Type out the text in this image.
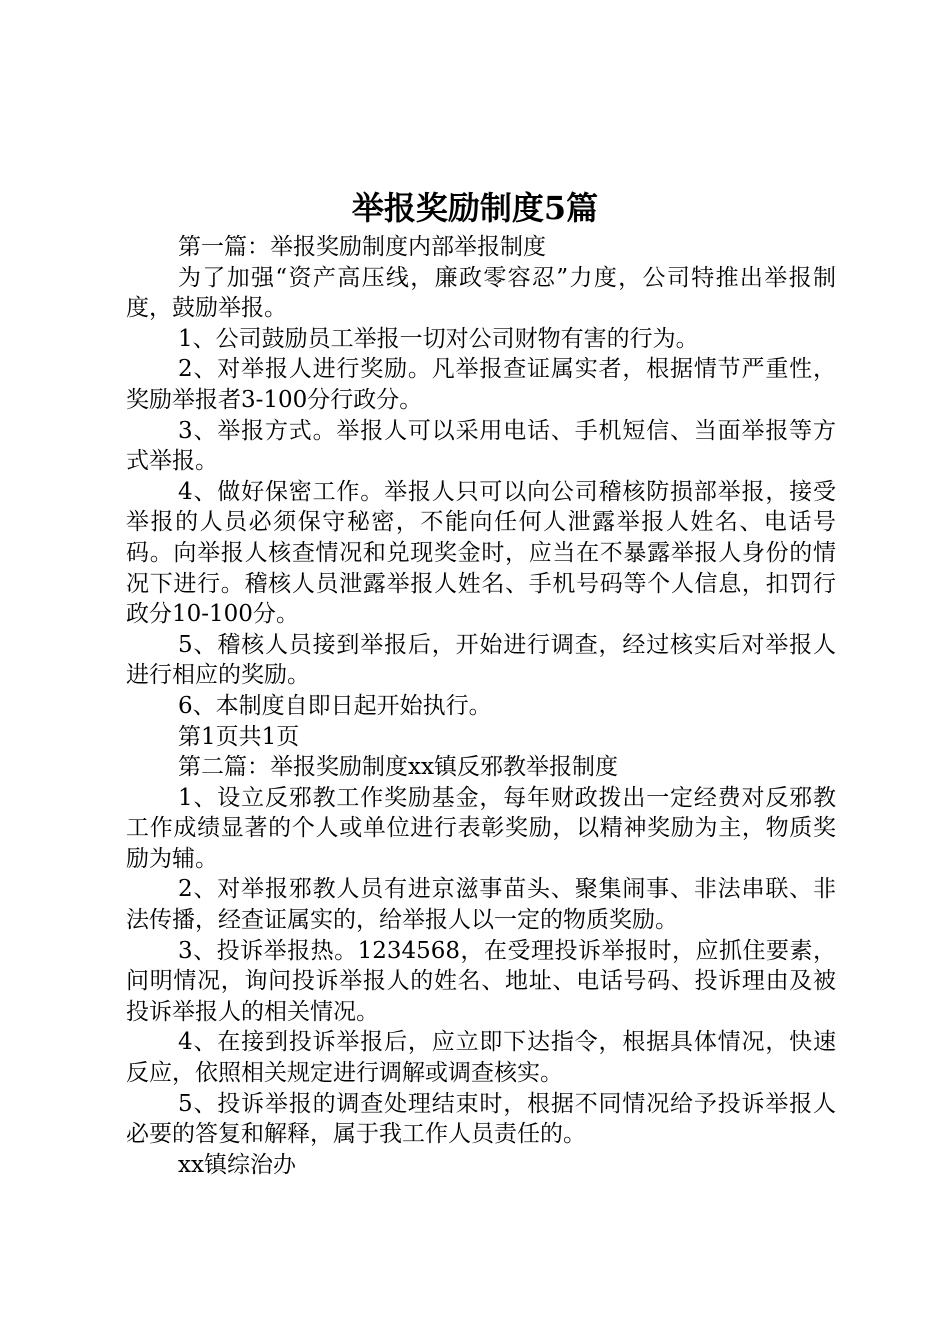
举报奖励制度5篇

第一篇：举报奖励制度内部举报制度

为了加强“资产高压线，廉政零容忍”力度，公司特推出举报制度，鼓励举报。

1、公司鼓励员工举报一切对公司财物有害的行为。

2、对举报人进行奖励。凡举报查证属实者，根据情节严重性，奖励举报者3-100分行政分。

3、举报方式。举报人可以采用电话、手机短信、当面举报等方式举报。

4、做好保密工作。举报人只可以向公司稽核防损部举报，接受举报的人员必须保守秘密，不能向任何人泄露举报人姓名、电话号码。向举报人核查情况和兑现奖金时，应当在不暴露举报人身份的情况下进行。稽核人员泄露举报人姓名、手机号码等个人信息，扣罚行政分10-100分。

5、稽核人员接到举报后，开始进行调查，经过核实后对举报人进行相应的奖励。

6、本制度自即日起开始执行。

第1页共1页

第二篇：举报奖励制度xx镇反邪教举报制度

1、设立反邪教工作奖励基金，每年财政拨出一定经费对反邪教工作成绩显著的个人或单位进行表彰奖励，以精神奖励为主，物质奖励为辅。

2、对举报邪教人员有进京滋事苗头、聚集闹事、非法串联、非法传播，经查证属实的，给举报人以一定的物质奖励。

3、投诉举报热。1234568，在受理投诉举报时，应抓住要素，问明情况，询问投诉举报人的姓名、地址、电话号码、投诉理由及被投诉举报人的相关情况。

4、在接到投诉举报后，应立即下达指令，根据具体情况，快速反应，依照相关规定进行调解或调查核实。

5、投诉举报的调查处理结束时，根据不同情况给予投诉举报人必要的答复和解释，属于我工作人员责任的。

xx镇综治办
